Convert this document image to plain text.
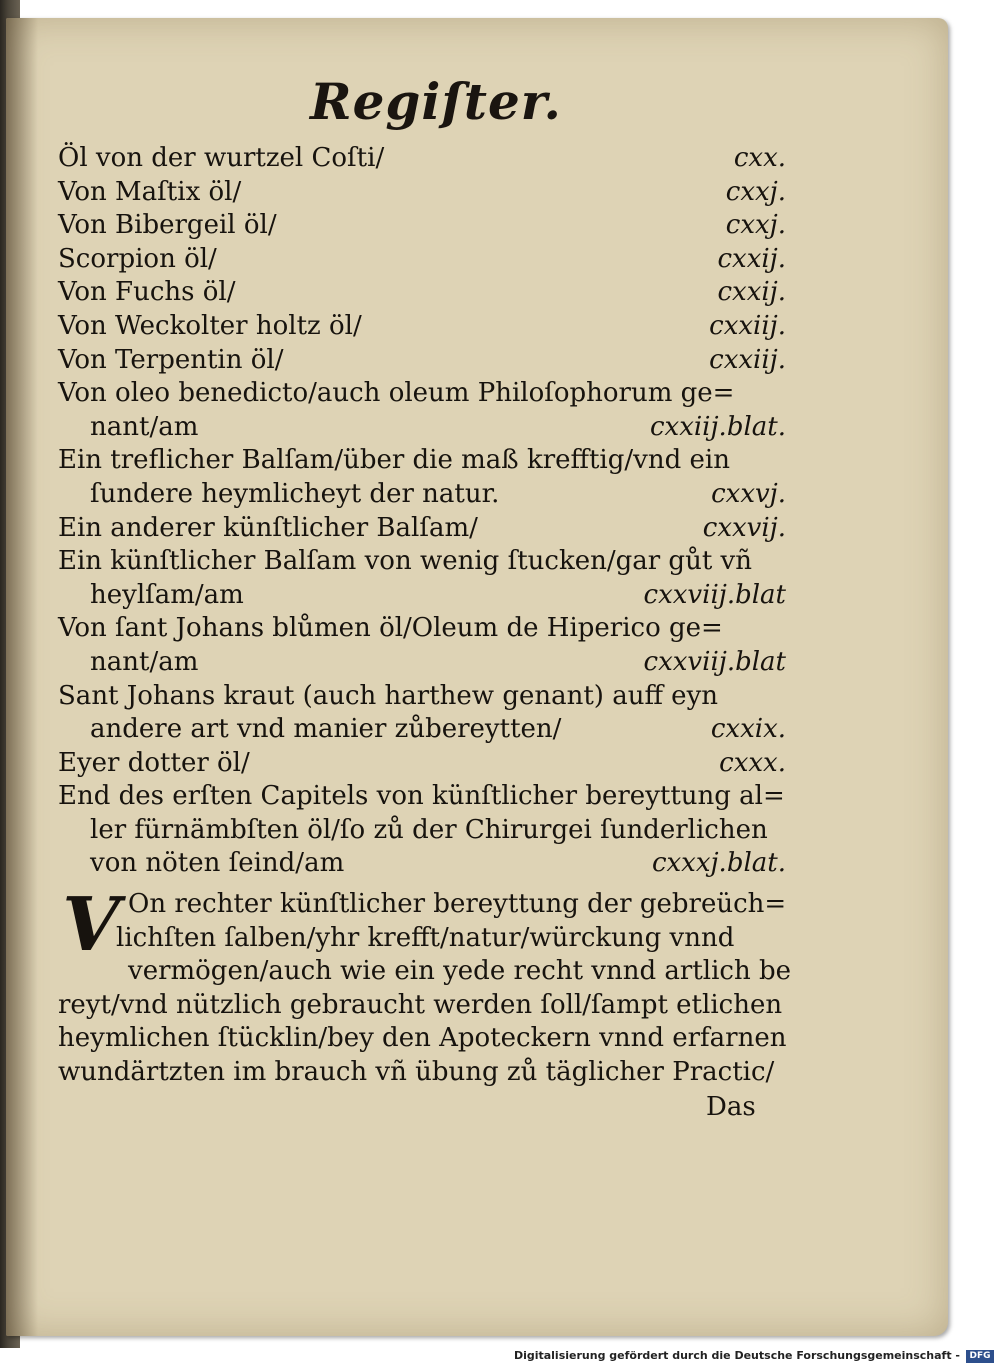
Regiſter.
Öl von der wurtzel Coſti/	cxx.
Von Maſtix öl/	cxxj.
Von Bibergeil öl/	cxxj.
Scorpion öl/	cxxij.
Von Fuchs öl/	cxxij.
Von Weckolter holtz öl/	cxxiij.
Von Terpentin öl/	cxxiij.
Von oleo benedicto/auch oleum Philoſophorum ge=
nant/am	cxxiij.blat.
Ein treflicher Balſam/über die maß krefftig/vnd ein
ſundere heymlicheyt der natur.	cxxvj.
Ein anderer künſtlicher Balſam/	cxxvij.
Ein künſtlicher Balſam von wenig ſtucken/gar gůt vñ
heylſam/am	cxxviij.blat
Von ſant Johans blůmen öl/Oleum de Hiperico ge=
nant/am	cxxviij.blat
Sant Johans kraut (auch harthew genant) auff eyn
andere art vnd manier zůbereytten/	cxxix.
Eyer dotter öl/	cxxx.
End des erſten Capitels von künſtlicher bereyttung al=
ler fürnämbſten öl/ſo zů der Chirurgei ſunderlichen
von nöten ſeind/am	cxxxj.blat.
V On rechter künſtlicher bereyttung der gebreüch=
lichſten ſalben/yhr krefft/natur/würckung vnnd
vermögen/auch wie ein yede recht vnnd artlich be
reyt/vnd nützlich gebraucht werden ſoll/ſampt etlichen
heymlichen ſtücklin/bey den Apoteckern vnnd erfarnen
wundärtzten im brauch vñ übung zů täglicher Practic/
Das
Digitalisierung gefördert durch die Deutsche Forschungsgemeinschaft -	DFG
